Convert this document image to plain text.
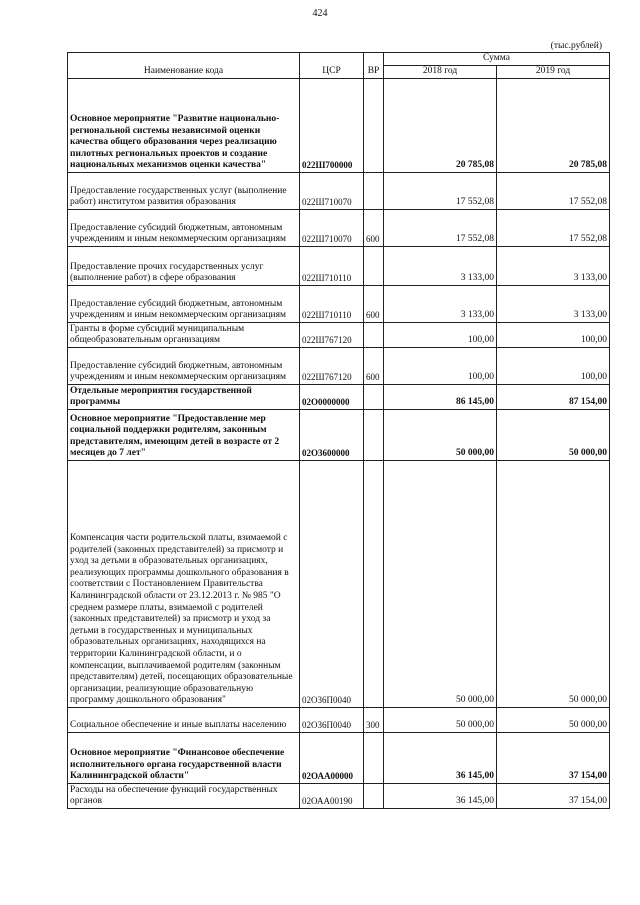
424
(тыс.рублей)
Наименование кода	ЦСР	ВР	Сумма	
			2018 год	2019 год
Основное мероприятие "Развитие национально-региональной системы независимой оценки качества общего образования через реализацию пилотных региональных проектов и создание национальных механизмов оценки качества"	022Ш700000		20 785,08	20 785,08
Предоставление государственных услуг (выполнение работ) институтом развития образования	022Ш710070		17 552,08	17 552,08
Предоставление субсидий бюджетным, автономным учреждениям и иным некоммерческим организациям	022Ш710070	600	17 552,08	17 552,08
Предоставление прочих государственных услуг (выполнение работ) в сфере образования	022Ш710110		3 133,00	3 133,00
Предоставление субсидий бюджетным, автономным учреждениям и иным некоммерческим организациям	022Ш710110	600	3 133,00	3 133,00
Гранты в форме субсидий муниципальным общеобразовательным организациям	022Ш767120		100,00	100,00
Предоставление субсидий бюджетным, автономным учреждениям и иным некоммерческим организациям	022Ш767120	600	100,00	100,00
Отдельные мероприятия государственной программы	02О0000000		86 145,00	87 154,00
Основное мероприятие "Предоставление мер социальной поддержки родителям, законным представителям, имеющим детей в возрасте от 2 месяцев до 7 лет"	02О3600000		50 000,00	50 000,00
Компенсация части родительской платы, взимаемой с родителей (законных представителей) за присмотр и уход за детьми в образовательных организациях, реализующих программы дошкольного образования в соответствии с Постановлением Правительства Калининградской области от 23.12.2013 г. № 985 "О среднем размере платы, взимаемой с родителей (законных представителей) за присмотр и уход за детьми в государственных и муниципальных образовательных организациях, находящихся на территории Калининградской области, и о компенсации, выплачиваемой родителям (законным представителям) детей, посещающих образовательные организации, реализующие образовательную программу дошкольного образования"	02О36П0040		50 000,00	50 000,00
Социальное обеспечение и иные выплаты населению	02О36П0040	300	50 000,00	50 000,00
Основное мероприятие "Финансовое обеспечение исполнительного органа государственной власти Калининградской области"	02ОАА00000		36 145,00	37 154,00
Расходы на обеспечение функций государственных органов	02ОАА00190		36 145,00	37 154,00
